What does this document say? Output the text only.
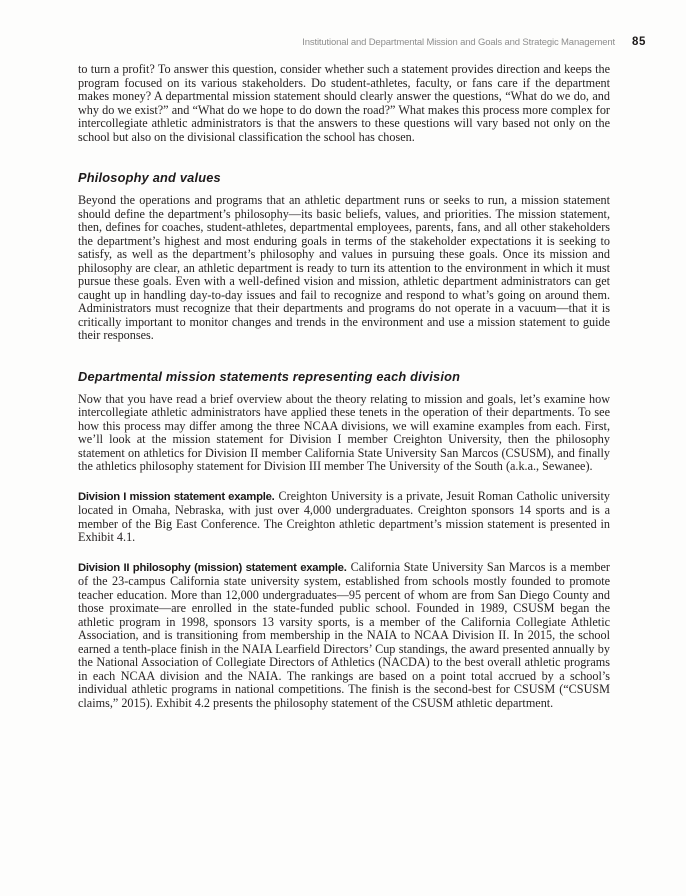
Institutional and Departmental Mission and Goals and Strategic Management 85

to turn a profit? To answer this question, consider whether such a statement provides direction and keeps the program focused on its various stakeholders. Do student-athletes, faculty, or fans care if the department makes money? A departmental mission statement should clearly answer the questions, “What do we do, and why do we exist?” and “What do we hope to do down the road?” What makes this process more complex for intercollegiate athletic administrators is that the answers to these questions will vary based not only on the school but also on the divisional classification the school has chosen.

Philosophy and values

Beyond the operations and programs that an athletic department runs or seeks to run, a mission statement should define the department’s philosophy—its basic beliefs, values, and priorities. The mission statement, then, defines for coaches, student-athletes, departmental employees, parents, fans, and all other stakeholders the department’s highest and most enduring goals in terms of the stakeholder expectations it is seeking to satisfy, as well as the department’s philosophy and values in pursuing these goals. Once its mission and philosophy are clear, an athletic department is ready to turn its attention to the environment in which it must pursue these goals. Even with a well-defined vision and mission, athletic department administrators can get caught up in handling day-to-day issues and fail to recognize and respond to what’s going on around them. Administrators must recognize that their departments and programs do not operate in a vacuum—that it is critically important to monitor changes and trends in the environment and use a mission statement to guide their responses.

Departmental mission statements representing each division

Now that you have read a brief overview about the theory relating to mission and goals, let’s examine how intercollegiate athletic administrators have applied these tenets in the operation of their departments. To see how this process may differ among the three NCAA divisions, we will examine examples from each. First, we’ll look at the mission statement for Division I member Creighton University, then the philosophy statement on athletics for Division II member California State University San Marcos (CSUSM), and finally the athletics philosophy statement for Division III member The University of the South (a.k.a., Sewanee).

Division I mission statement example. Creighton University is a private, Jesuit Roman Catholic university located in Omaha, Nebraska, with just over 4,000 undergraduates. Creighton sponsors 14 sports and is a member of the Big East Conference. The Creighton athletic department’s mission statement is presented in Exhibit 4.1.

Division II philosophy (mission) statement example. California State University San Marcos is a member of the 23-campus California state university system, established from schools mostly founded to promote teacher education. More than 12,000 undergraduates—95 percent of whom are from San Diego County and those proximate—are enrolled in the state-funded public school. Founded in 1989, CSUSM began the athletic program in 1998, sponsors 13 varsity sports, is a member of the California Collegiate Athletic Association, and is transitioning from membership in the NAIA to NCAA Division II. In 2015, the school earned a tenth-place finish in the NAIA Learfield Directors’ Cup standings, the award presented annually by the National Association of Collegiate Directors of Athletics (NACDA) to the best overall athletic programs in each NCAA division and the NAIA. The rankings are based on a point total accrued by a school’s individual athletic programs in national competitions. The finish is the second-best for CSUSM (“CSUSM claims,” 2015). Exhibit 4.2 presents the philosophy statement of the CSUSM athletic department.
